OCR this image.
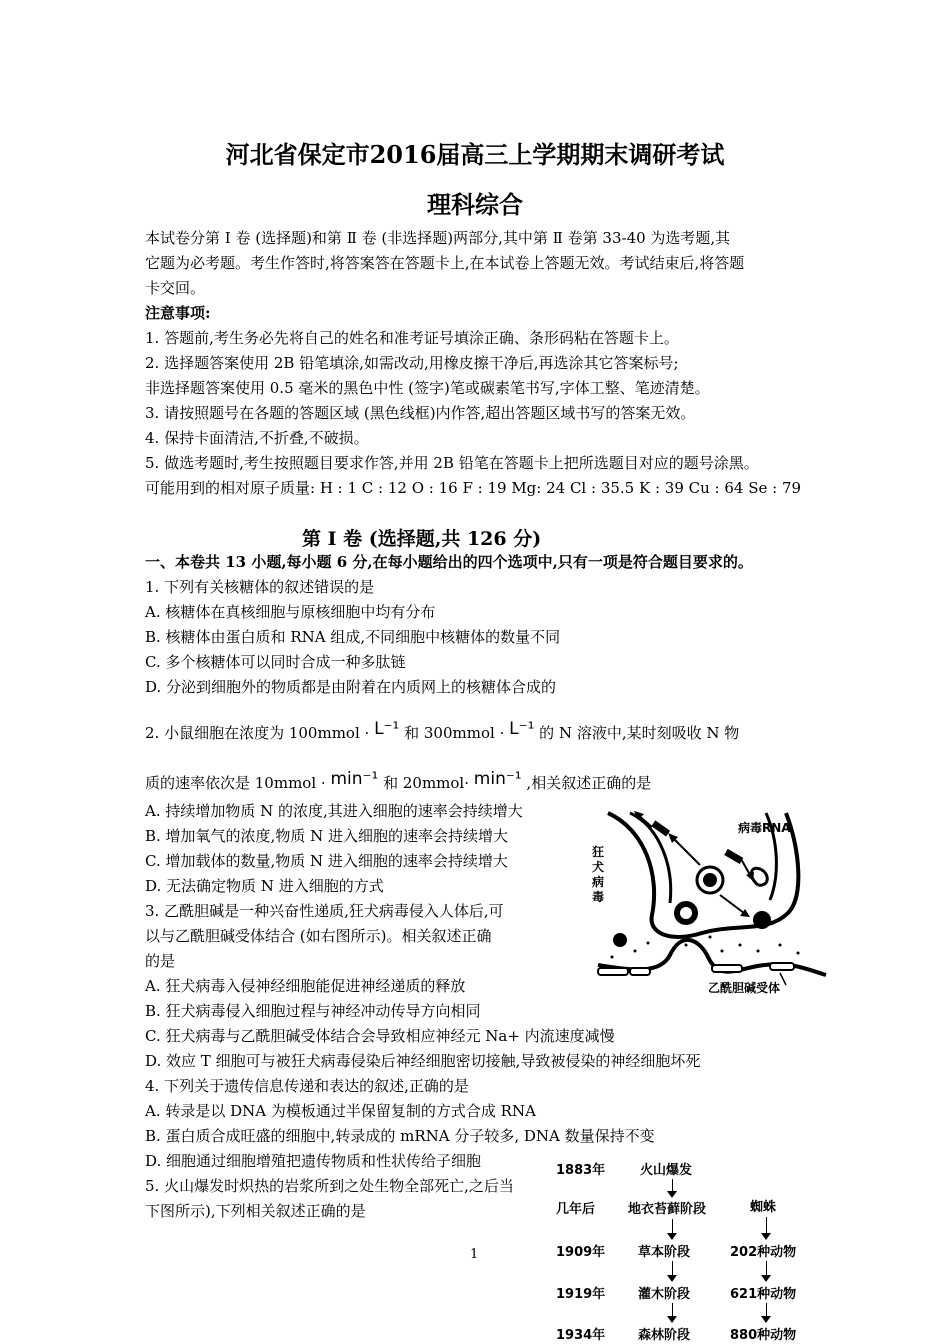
河北省保定市2016届高三上学期期末调研考试
理科综合
本试卷分第 Ⅰ 卷 (选择题)和第 Ⅱ 卷 (非选择题)两部分,其中第 Ⅱ 卷第 33-40 为选考题,其
它题为必考题。考生作答时,将答案答在答题卡上,在本试卷上答题无效。考试结束后,将答题
卡交回。
注意事项:
1. 答题前,考生务必先将自己的姓名和准考证号填涂正确、条形码粘在答题卡上。
2. 选择题答案使用 2B 铅笔填涂,如需改动,用橡皮擦干净后,再选涂其它答案标号;
非选择题答案使用 0.5 毫米的黑色中性 (签字)笔或碳素笔书写,字体工整、笔迹清楚。
3. 请按照题号在各题的答题区域 (黑色线框)内作答,超出答题区域书写的答案无效。
4. 保持卡面清洁,不折叠,不破损。
5. 做选考题时,考生按照题目要求作答,并用 2B 铅笔在答题卡上把所选题目对应的题号涂黑。
可能用到的相对原子质量: H : 1 C : 12 O : 16 F : 19 Mg: 24 Cl : 35.5 K : 39 Cu : 64 Se : 79
第 Ⅰ 卷 (选择题,共 126 分)
一、本卷共 13 小题,每小题 6 分,在每小题给出的四个选项中,只有一项是符合题目要求的。
1. 下列有关核糖体的叙述错误的是
A. 核糖体在真核细胞与原核细胞中均有分布
B. 核糖体由蛋白质和 RNA 组成,不同细胞中核糖体的数量不同
C. 多个核糖体可以同时合成一种多肽链
D. 分泌到细胞外的物质都是由附着在内质网上的核糖体合成的
2. 小鼠细胞在浓度为 100mmol · L⁻¹ 和 300mmol · L⁻¹ 的 N 溶液中,某时刻吸收 N 物
质的速率依次是 10mmol · min⁻¹ 和 20mmol· min⁻¹ ,相关叙述正确的是
A. 持续增加物质 N 的浓度,其进入细胞的速率会持续增大
B. 增加氧气的浓度,物质 N 进入细胞的速率会持续增大
C. 增加载体的数量,物质 N 进入细胞的速率会持续增大
D. 无法确定物质 N 进入细胞的方式
3. 乙酰胆碱是一种兴奋性递质,狂犬病毒侵入人体后,可
以与乙酰胆碱受体结合 (如右图所示)。相关叙述正确
的是
A. 狂犬病毒入侵神经细胞能促进神经递质的释放
B. 狂犬病毒侵入细胞过程与神经冲动传导方向相同
C. 狂犬病毒与乙酰胆碱受体结合会导致相应神经元 Na+ 内流速度减慢
D. 效应 T 细胞可与被狂犬病毒侵染后神经细胞密切接触,导致被侵染的神经细胞坏死
病毒RNA
狂犬病毒
乙酰胆碱受体
4. 下列关于遗传信息传递和表达的叙述,正确的是
A. 转录是以 DNA 为模板通过半保留复制的方式合成 RNA
B. 蛋白质合成旺盛的细胞中,转录成的 mRNA 分子较多, DNA 数量保持不变
D. 细胞通过细胞增殖把遗传物质和性状传给子细胞
5. 火山爆发时炽热的岩浆所到之处生物全部死亡,之后当
下图所示),下列相关叙述正确的是
1883年	火山爆发
几年后	地衣苔藓阶段	蜘蛛
1909年	草本阶段	202种动物
1919年	灌木阶段	621种动物
1934年	森林阶段	880种动物
1
